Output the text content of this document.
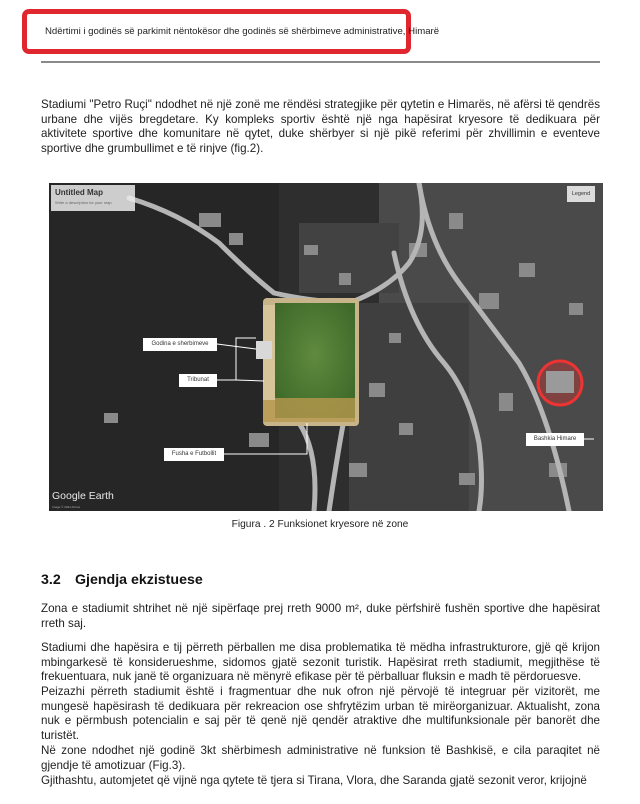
Ndërtimi i godinës së parkimit nëntokësor dhe godinës së shërbimeve administrative, Himarë
Stadiumi "Petro Ruçi" ndodhet në një zonë me rëndësi strategjike për qytetin e Himarës, në afërsi të qendrës urbane dhe vijës bregdetare. Ky kompleks sportiv është një nga hapësirat kryesore të dedikuara për aktivitete sportive dhe komunitare në qytet, duke shërbyer si një pikë referimi për zhvillimin e eventeve sportive dhe grumbullimet e të rinjve (fig.2).
Untitled Map
Write a description for your map
Legend
Godina e sherbimeve
Tribunat
Fusha e Futbollit
Bashkia Himare
Google Earth
Image © 2024 Airbus
Figura . 2 Funksionet kryesore në zone
3.2 Gjendja ekzistuese
Zona e stadiumit shtrihet në një sipërfaqe prej rreth 9000 m², duke përfshirë fushën sportive dhe hapësirat rreth saj.
Stadiumi dhe hapësira e tij përreth përballen me disa problematika të mëdha infrastrukturore, gjë që krijon mbingarkesë të konsiderueshme, sidomos gjatë sezonit turistik. Hapësirat rreth stadiumit, megjithëse të frekuentuara, nuk janë të organizuara në mënyrë efikase për të përballuar fluksin e madh të përdoruesve.
Peizazhi përreth stadiumit është i fragmentuar dhe nuk ofron një përvojë të integruar për vizitorët, me mungesë hapësirash të dedikuara për rekreacion ose shfrytëzim urban të mirëorganizuar. Aktualisht, zona nuk e përmbush potencialin e saj për të qenë një qendër atraktive dhe multifunksionale për banorët dhe turistët.
Në zone ndodhet një godinë 3kt shërbimesh administrative në funksion të Bashkisë, e cila paraqitet në gjendje të amotizuar (Fig.3).
Gjithashtu, automjetet që vijnë nga qytete të tjera si Tirana, Vlora, dhe Saranda gjatë sezonit veror, krijojnë
